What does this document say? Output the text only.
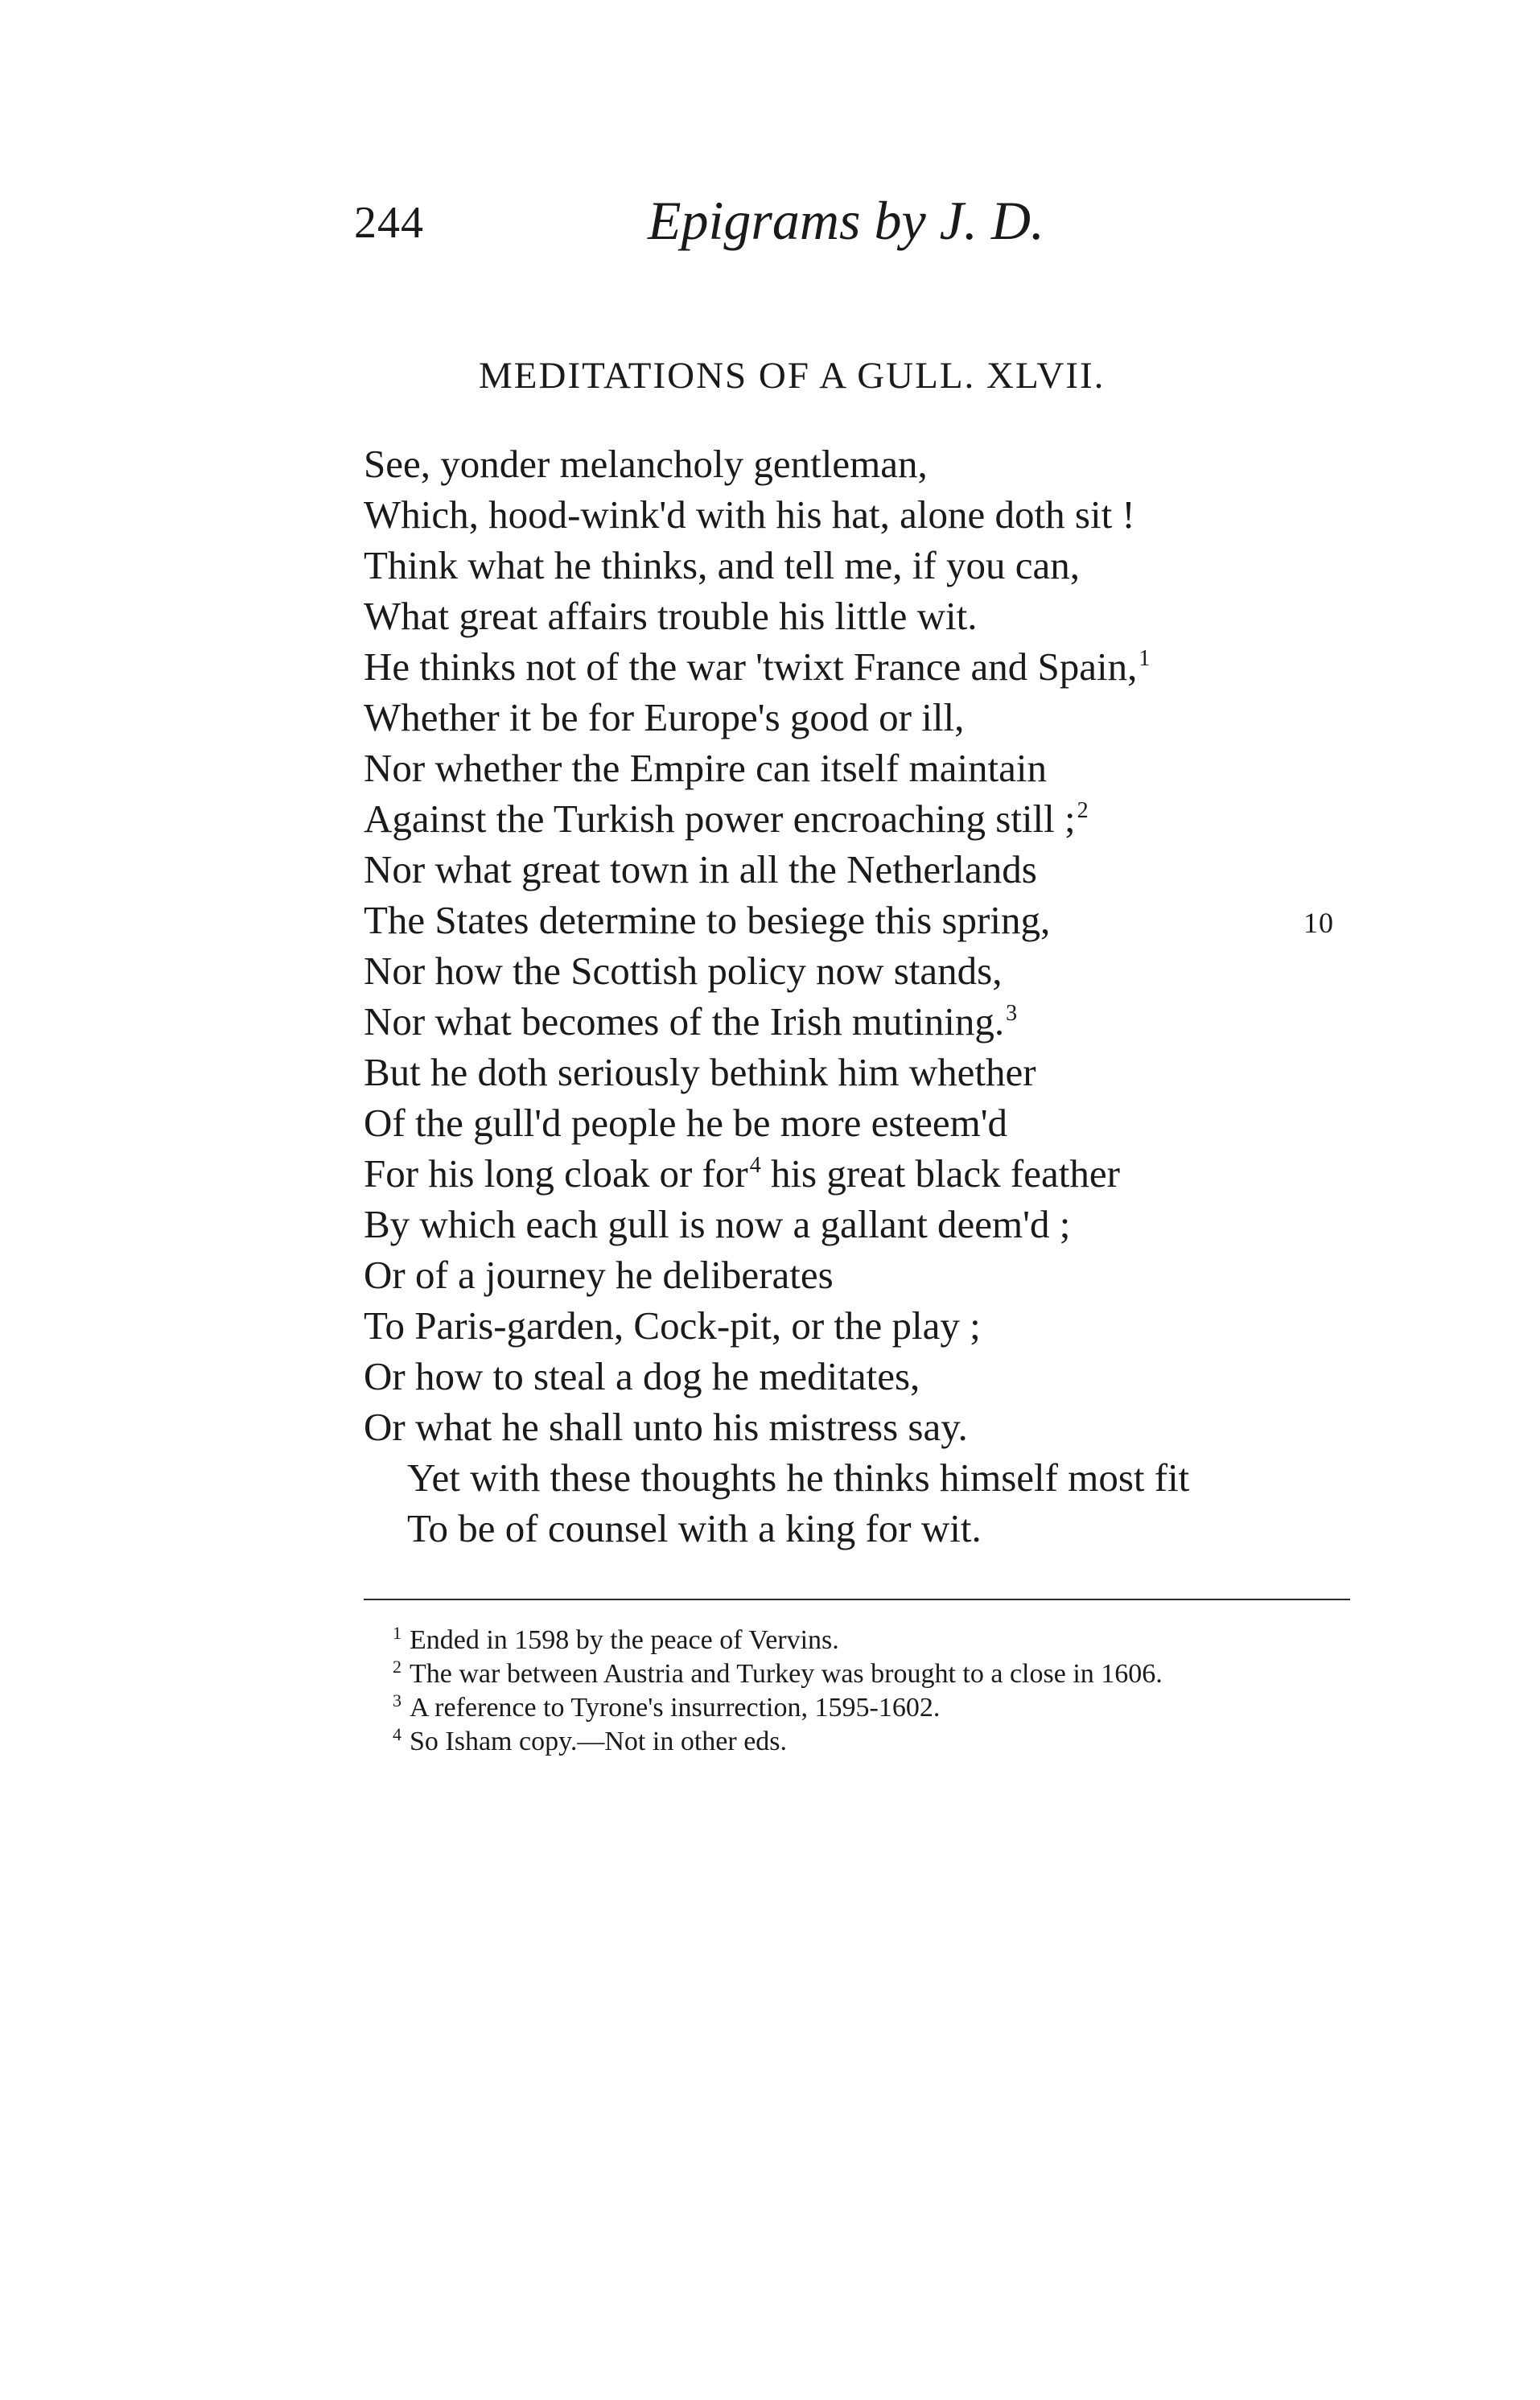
244	Epigrams by J. D.
MEDITATIONS OF A GULL. XLVII.
See, yonder melancholy gentleman,
Which, hood-wink'd with his hat, alone doth sit !
Think what he thinks, and tell me, if you can,
What great affairs trouble his little wit.
He thinks not of the war 'twixt France and Spain,$^1$
Whether it be for Europe's good or ill,
Nor whether the Empire can itself maintain
Against the Turkish power encroaching still ;$^2$
Nor what great town in all the Netherlands
The States determine to besiege this spring,	10
Nor how the Scottish policy now stands,
Nor what becomes of the Irish mutining.$^3$
But he doth seriously bethink him whether
Of the gull'd people he be more esteem'd
For his long cloak or for$^4$ his great black feather
By which each gull is now a gallant deem'd ;
Or of a journey he deliberates
To Paris-garden, Cock-pit, or the play ;
Or how to steal a dog he meditates,
Or what he shall unto his mistress say.
Yet with these thoughts he thinks himself most fit
To be of counsel with a king for wit.
$^1$ Ended in 1598 by the peace of Vervins.
$^2$ The war between Austria and Turkey was brought to a close in 1606.
$^3$ A reference to Tyrone's insurrection, 1595-1602.
$^4$ So Isham copy.—Not in other eds.
